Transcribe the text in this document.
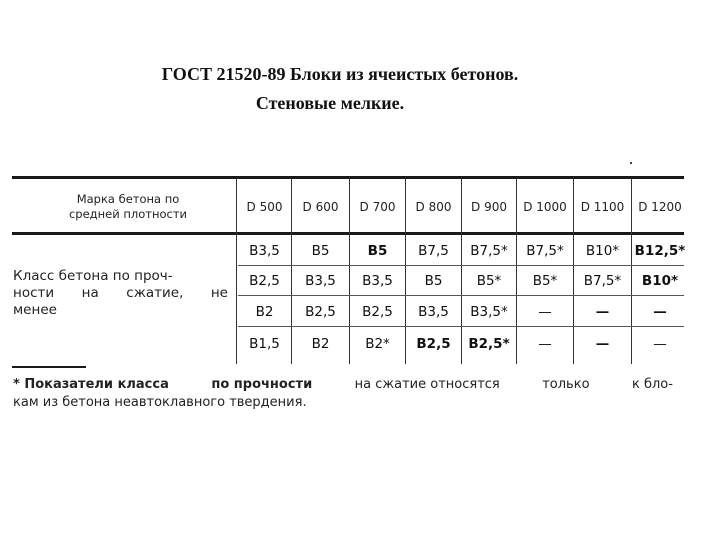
ГОСТ 21520-89 Блоки из ячеистых бетонов.
Стеновые мелкие.
Марка бетона по
средней плотности	D 500	D 600	D 700	D 800	D 900	D 1000	D 1100	D 1200
Класс бетона по проч-
ности на сжатие, не
менее
В3,5	В5	В5	В7,5	В7,5*	В7,5*	В10*	В12,5*
В2,5	В3,5	В3,5	В5	В5*	В5*	В7,5*	В10*
В2	В2,5	В2,5	В3,5	В3,5*	—	—	—
В1,5	В2	В2*	В2,5	В2,5*	—	—	—
* Показатели класса	по прочности	на сжатие относятся	только	к бло-
кам из бетона неавтоклавного твердения.
